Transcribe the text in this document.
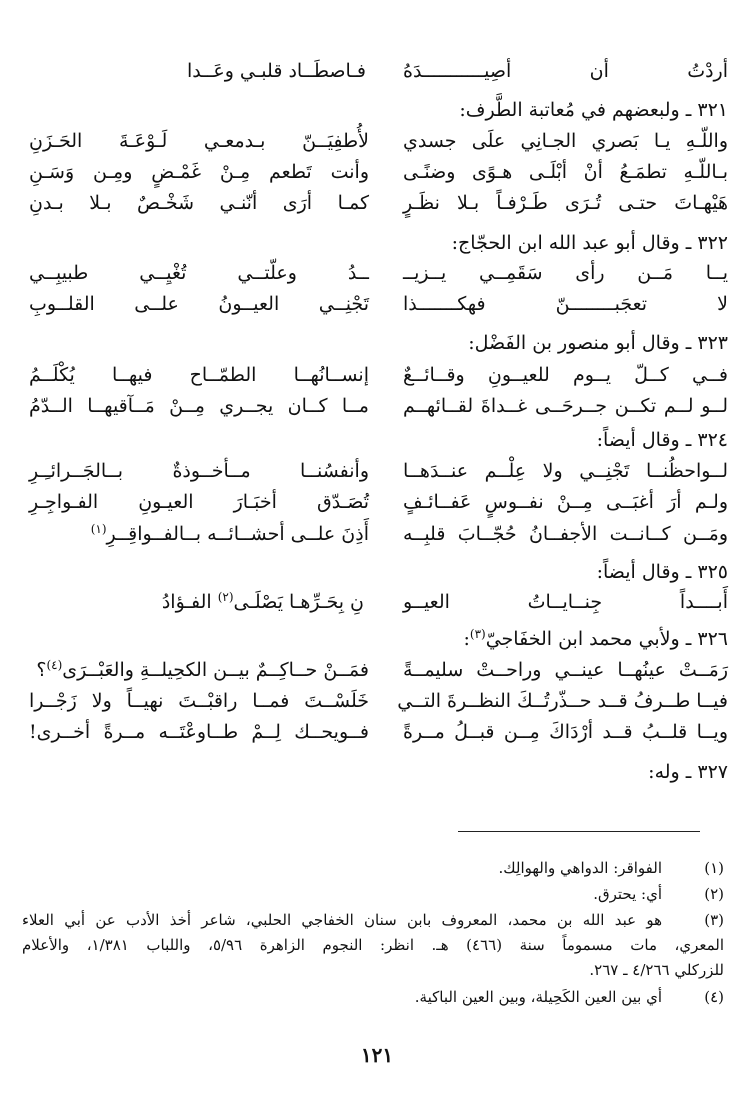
أردْتُ أن أصِيـــــــــــدَهُ
فـاصطَــاد قلبـي وعَــدا
٣٢١ ـ ولبعضهم في مُعاتبة الطَّرف:
واللّـهِ يـا بَصري الجـانِي علَى جسدي
لأُطفِيَــنّ بـدمعـي لَـوْعَـةَ الحَـزَنِ
بـاللّـهِ تطمَـعُ أنْ أبْلَـى هـوًى وضنًـى
وأنت تَطعم مِـنْ غَمْـضٍ ومِـن وَسَـنِ
هَيْهـاتَ حتـى تُـرَى طَـرْفـاً بـلا نظَـرٍ
كمـا أرَى أنّنـي شَخْـصٌ بـلا بـدنِ
٣٢٢ ـ وقال أبو عبد الله ابن الحجّاج:
يــا مَــن رأى سَقَمِــي يــزيــ
ــدُ وعلّتــي تُغْيِــي طبيبِــي
لا تعجَبــــــــنّ فهكـــــــذا
تَجْنِــي العيــونُ علــى القلــوبِ
٣٢٣ ـ وقال أبو منصور بن الفَضْل:
فــي كــلّ يــوم للعيــونِ وقــائــعٌ
إنســانُهــا الطمّــاح فيهــا يُكْلَــمُ
لــو لــم تكــن جــرحَــى غــداةَ لقــائهــم
مــا كــان يجــري مِــنْ مَــآقيهــا الــدّمُ
٣٢٤ ـ وقال أيضاً:
لــواحظُنــا تَجْنِــي ولا عِلْــم عنــدَهــا
وأنفسُنــا مــأخــوذةٌ بــالجَــرائـِـرِ
ولـم أرَ أغبَــى مِــنْ نفــوسٍ عَفــائـفٍ
تُصَـدّق أخبَـارَ العيـونِ الفـواجِـرِ
ومَــن كــانــت الأجفــانُ حُجّــابَ قلبِــه
أَذِنَ علــى أحشــائــه بــالفــواقِــرِ$^{(١)}$
٣٢٥ ـ وقال أيضاً:
أَبــــداً جِنــايــاتُ العيــو
نِ بِحَـرِّهـا يَصْلَـى$^{(٢)}$ الفـؤادُ
٣٢٦ ـ ولأبي محمد ابن الخفَاجيّ$^{(٣)}$:
رَمَــتْ عينُهــا عينــي وراحــتْ سليمــةً
فمَــنْ حــاكِــمٌ بيــن الكحِيلــةِ والعَبْــرَى$^{(٤)}$؟
فيــا طــرفُ قــد حــذّرتُــكَ النظــرةَ التــي
خَلَسْــتَ فمــا راقبْــتَ نهيــاً ولا زَجْــرا
ويــا قلــبُ قــد أرْدَاكَ مِــن قبــلُ مــرةً
فــويحــك لِــمْ طــاوعْتَــه مــرةً أخــرى!
٣٢٧ ـ وله:
(١)
الفواقر: الدواهي والهوالِك.
(٢)
أي: يحترق.
(٣)
هو عبد الله بن محمد، المعروف بابن سنان الخفاجي الحلبي، شاعر أخذ الأدب عن أبي العلاء
المعري، مات مسموماً سنة (٤٦٦) هـ. انظر: النجوم الزاهرة ٥/٩٦، واللباب ١/٣٨١، والأعلام
للزركلي ٤/٢٦٦ ـ ٢٦٧.
(٤)
أي بين العين الكَحِيلة، وبين العين الباكية.
١٢١
